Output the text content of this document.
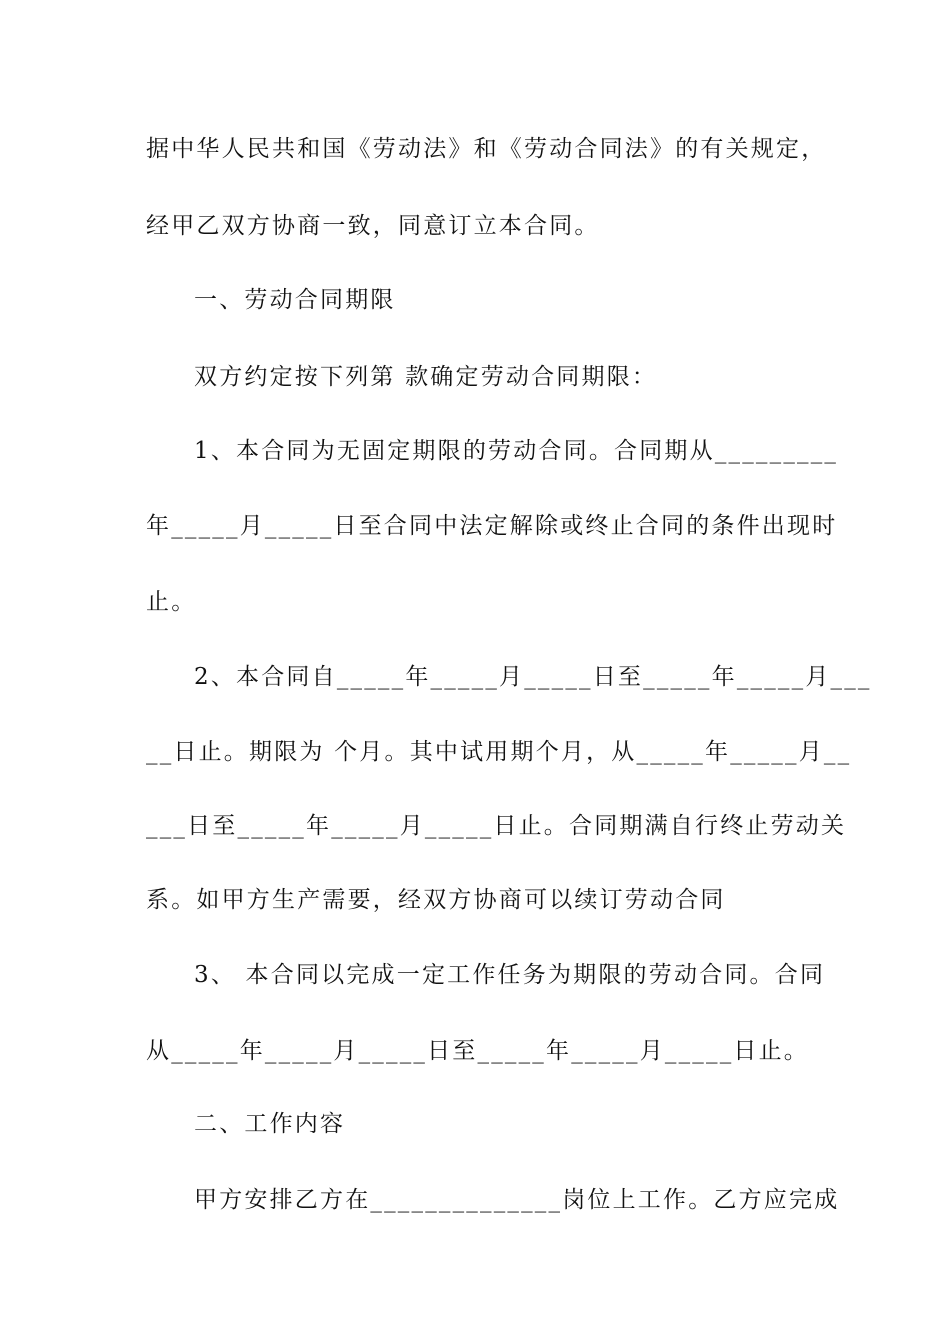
据中华人民共和国《劳动法》和《劳动合同法》的有关规定，
经甲乙双方协商一致，同意订立本合同。
一、劳动合同期限
双方约定按下列第 款确定劳动合同期限：
1、本合同为无固定期限的劳动合同。合同期从_________
年_____月_____日至合同中法定解除或终止合同的条件出现时
止。
2、本合同自_____年_____月_____日至_____年_____月___
__日止。期限为 个月。其中试用期个月，从_____年_____月__
___日至_____年_____月_____日止。合同期满自行终止劳动关
系。如甲方生产需要，经双方协商可以续订劳动合同
3、 本合同以完成一定工作任务为期限的劳动合同。合同
从_____年_____月_____日至_____年_____月_____日止。
二、工作内容
甲方安排乙方在______________岗位上工作。乙方应完成
